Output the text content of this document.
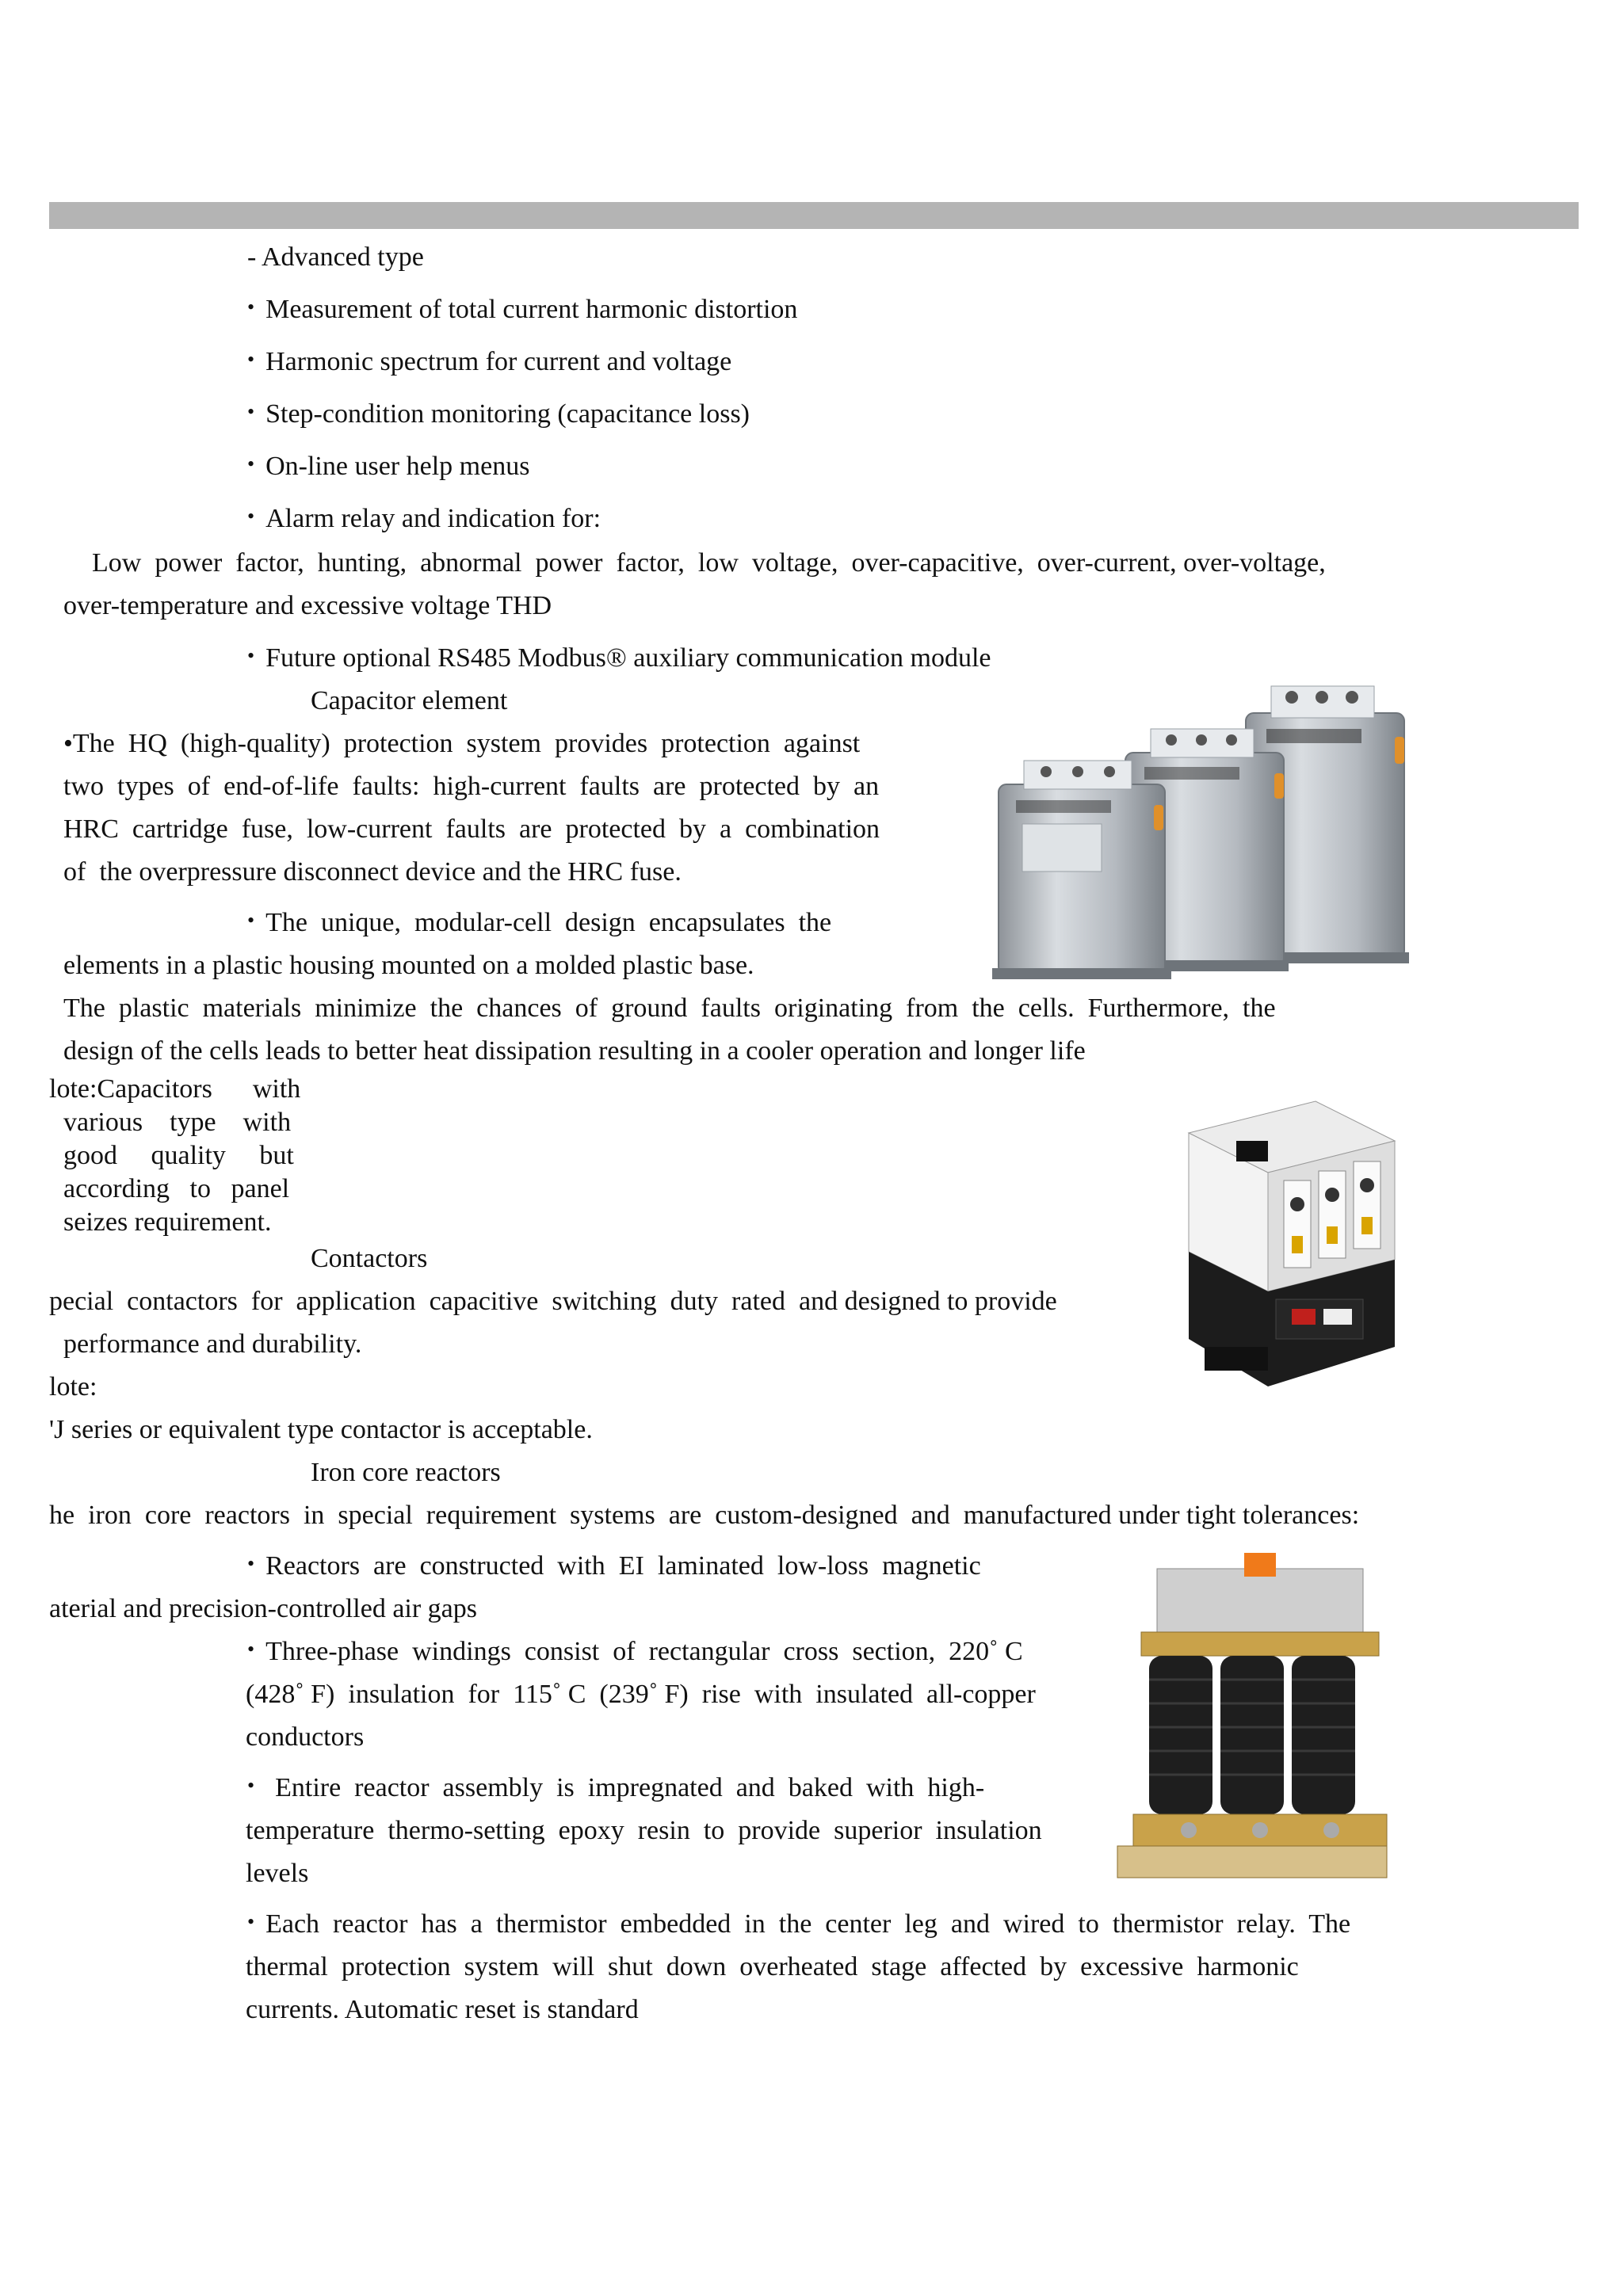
- Advanced type
• Measurement of total current harmonic distortion
• Harmonic spectrum for current and voltage
• Step-condition monitoring (capacitance loss)
• On-line user help menus
• Alarm relay and indication for:
Low  power  factor,  hunting,  abnormal  power  factor,  low  voltage,  over-capacitive,  over-current, over-voltage,
over-temperature and excessive voltage THD
• Future optional RS485 Modbus® auxiliary communication module
Capacitor element
•The  HQ  (high-quality)  protection  system  provides  protection  against
two  types  of  end-of-life  faults:  high-current  faults  are  protected  by  an
HRC  cartridge  fuse,  low-current  faults  are  protected  by  a  combination
of  the overpressure disconnect device and the HRC fuse.
• The  unique,  modular-cell  design  encapsulates  the
elements in a plastic housing mounted on a molded plastic base.
The  plastic  materials  minimize  the  chances  of  ground  faults  originating  from  the  cells.  Furthermore,  the
design of the cells leads to better heat dissipation resulting in a cooler operation and longer life
lote:Capacitors      with
various    type    with
good     quality     but
according   to   panel
seizes requirement.
Contactors
pecial  contactors  for  application  capacitive  switching  duty  rated  and designed to provide
performance and durability.
lote:
'J series or equivalent type contactor is acceptable.
Iron core reactors
he  iron  core  reactors  in  special  requirement  systems  are  custom-designed  and  manufactured under tight tolerances:
• Reactors  are  constructed  with  EI  laminated  low-loss  magnetic
aterial and precision-controlled air gaps
• Three-phase  windings  consist  of  rectangular  cross  section,  220˚ C
(428˚ F)  insulation  for  115˚ C  (239˚ F)  rise  with  insulated  all-copper
conductors
• Entire  reactor  assembly  is  impregnated  and  baked  with  high-
temperature  thermo-setting  epoxy  resin  to  provide  superior  insulation
levels
• Each  reactor  has  a  thermistor  embedded  in  the  center  leg  and  wired  to  thermistor  relay.  The
thermal  protection  system  will  shut  down  overheated  stage  affected  by  excessive  harmonic
currents. Automatic reset is standard
